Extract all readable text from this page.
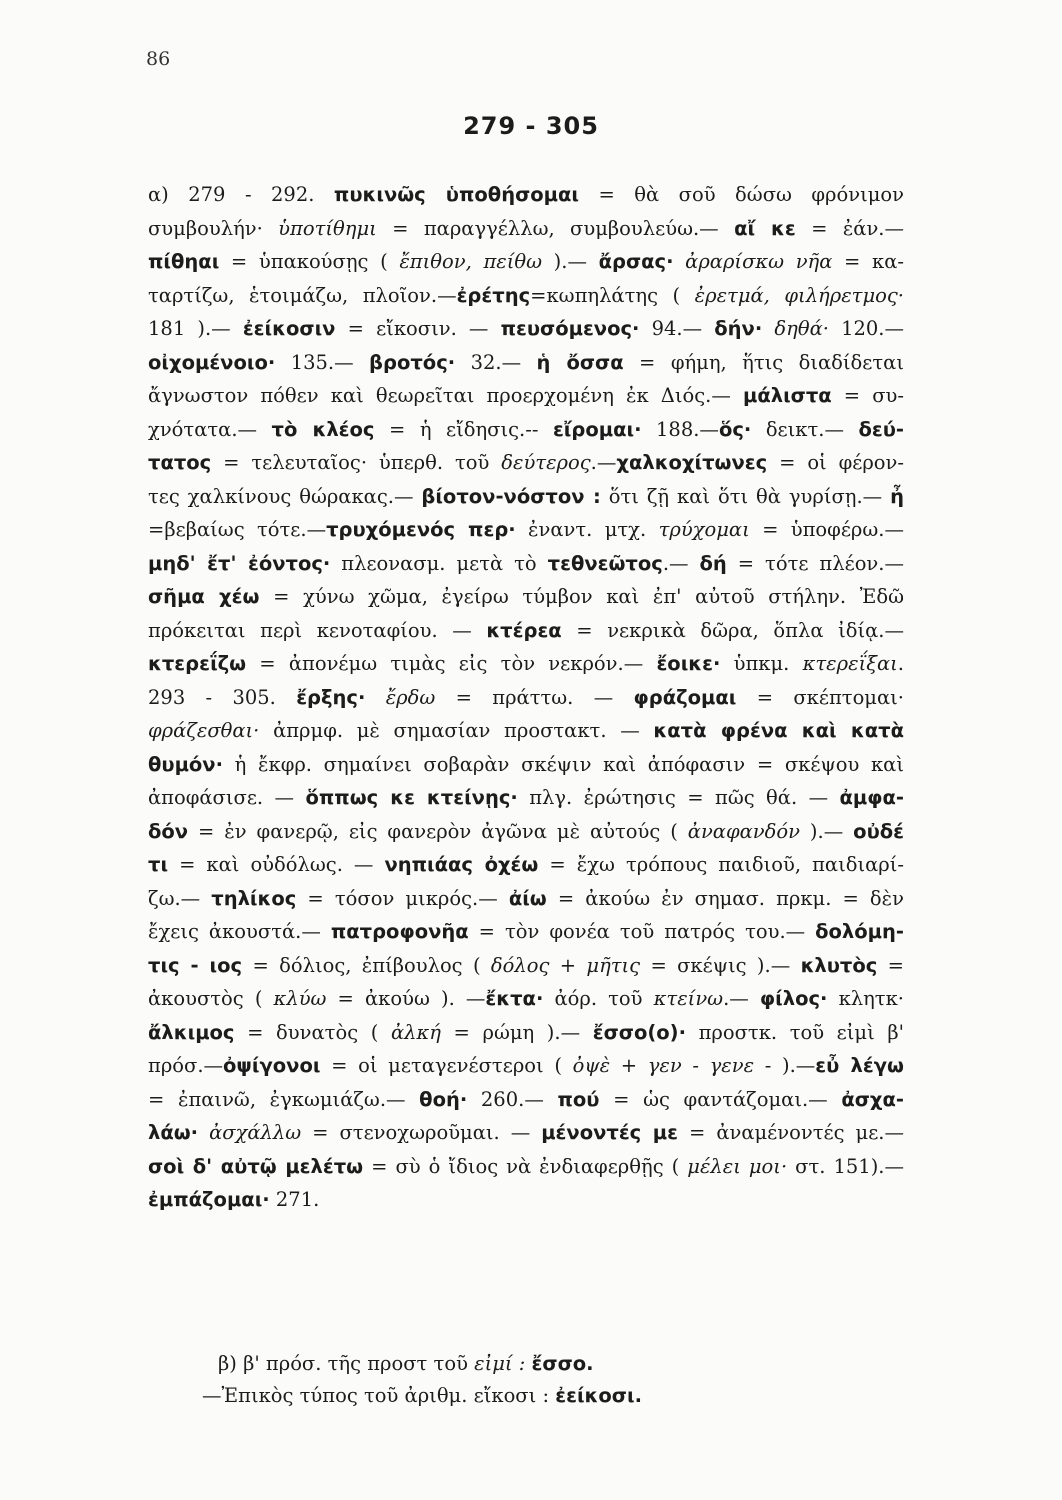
86
279 - 305
α) 279 - 292. πυκινῶς ὑποθήσομαι = θὰ σοῦ δώσω φρόνιμον
συμβουλήν· ὑποτίθημι = παραγγέλλω, συμβουλεύω.— αἴ κε = ἐάν.—
πίθηαι = ὑπακούσῃς ( ἔπιθον, πείθω ).— ἄρσας· ἀραρίσκω νῆα = κα-
ταρτίζω, ἑτοιμάζω, πλοῖον.—ἐρέτης=κωπηλάτης ( ἐρετμά, φιλήρετμος·
181 ).— ἐείκοσιν = εἴκοσιν. — πευσόμενος· 94.— δήν· δηθά· 120.—
οἰχομένοιο· 135.— βροτός· 32.— ἡ ὄσσα = φήμη, ἥτις διαδίδεται
ἄγνωστον πόθεν καὶ θεωρεῖται προερχομένη ἐκ Διός.— μάλιστα = συ-
χνότατα.— τὸ κλέος = ἡ εἴδησις.-- εἴρομαι· 188.—ὅς· δεικτ.— δεύ-
τατος = τελευταῖος· ὑπερθ. τοῦ δεύτερος.—χαλκοχίτωνες = οἱ φέρον-
τες χαλκίνους θώρακας.— βίοτον-νόστον : ὅτι ζῇ καὶ ὅτι θὰ γυρίσῃ.— ἦ
=βεβαίως τότε.—τρυχόμενός περ· ἐναντ. μτχ. τρύχομαι = ὑποφέρω.—
μηδ' ἔτ' ἐόντος· πλεονασμ. μετὰ τὸ τεθνεῶτος.— δή = τότε πλέον.—
σῆμα χέω = χύνω χῶμα, ἐγείρω τύμβον καὶ ἐπ' αὐτοῦ στήλην. Ἐδῶ
πρόκειται περὶ κενοταφίου. — κτέρεα = νεκρικὰ δῶρα, ὅπλα ἰδίᾳ.—
κτερεΐζω = ἀπονέμω τιμὰς εἰς τὸν νεκρόν.— ἔοικε· ὑπκμ. κτερεΐξαι.
293 - 305. ἔρξης· ἔρδω = πράττω. — φράζομαι = σκέπτομαι·
φράζεσθαι· ἀπρμφ. μὲ σημασίαν προστακτ. — κατὰ φρένα καὶ κατὰ
θυμόν· ἡ ἔκφρ. σημαίνει σοβαρὰν σκέψιν καὶ ἀπόφασιν = σκέψου καὶ
ἀποφάσισε. — ὅππως κε κτείνῃς· πλγ. ἐρώτησις = πῶς θά. — ἀμφα-
δόν = ἐν φανερῷ, εἰς φανερὸν ἀγῶνα μὲ αὐτούς ( ἀναφανδόν ).— οὐδέ
τι = καὶ οὐδόλως. — νηπιάας ὀχέω = ἔχω τρόπους παιδιοῦ, παιδιαρί-
ζω.— τηλίκος = τόσον μικρός.— ἀίω = ἀκούω ἐν σημασ. πρκμ. = δὲν
ἔχεις ἀκουστά.— πατροφονῆα = τὸν φονέα τοῦ πατρός του.— δολόμη-
τις - ιος = δόλιος, ἐπίβουλος ( δόλος + μῆτις = σκέψις ).— κλυτὸς =
ἀκουστὸς ( κλύω = ἀκούω ). —ἔκτα· ἀόρ. τοῦ κτείνω.— φίλος· κλητκ·
ἄλκιμος = δυνατὸς ( ἀλκή = ρώμη ).— ἔσσο(ο)· προστκ. τοῦ εἰμὶ β'
πρόσ.—ὀψίγονοι = οἱ μεταγενέστεροι ( ὀψὲ + γεν - γενε - ).—εὖ λέγω
= ἐπαινῶ, ἐγκωμιάζω.— θοή· 260.— πού = ὡς φαντάζομαι.— ἀσχα-
λάω· ἀσχάλλω = στενοχωροῦμαι. — μένοντές με = ἀναμένοντές με.—
σοὶ δ' αὐτῷ μελέτω = σὺ ὁ ἴδιος νὰ ἐνδιαφερθῇς ( μέλει μοι· στ. 151).—
ἐμπάζομαι· 271.
β) β' πρόσ. τῆς προστ τοῦ εἰμί : ἔσσο.
—Ἐπικὸς τύπος τοῦ ἀριθμ. εἴκοσι : ἐείκοσι.
